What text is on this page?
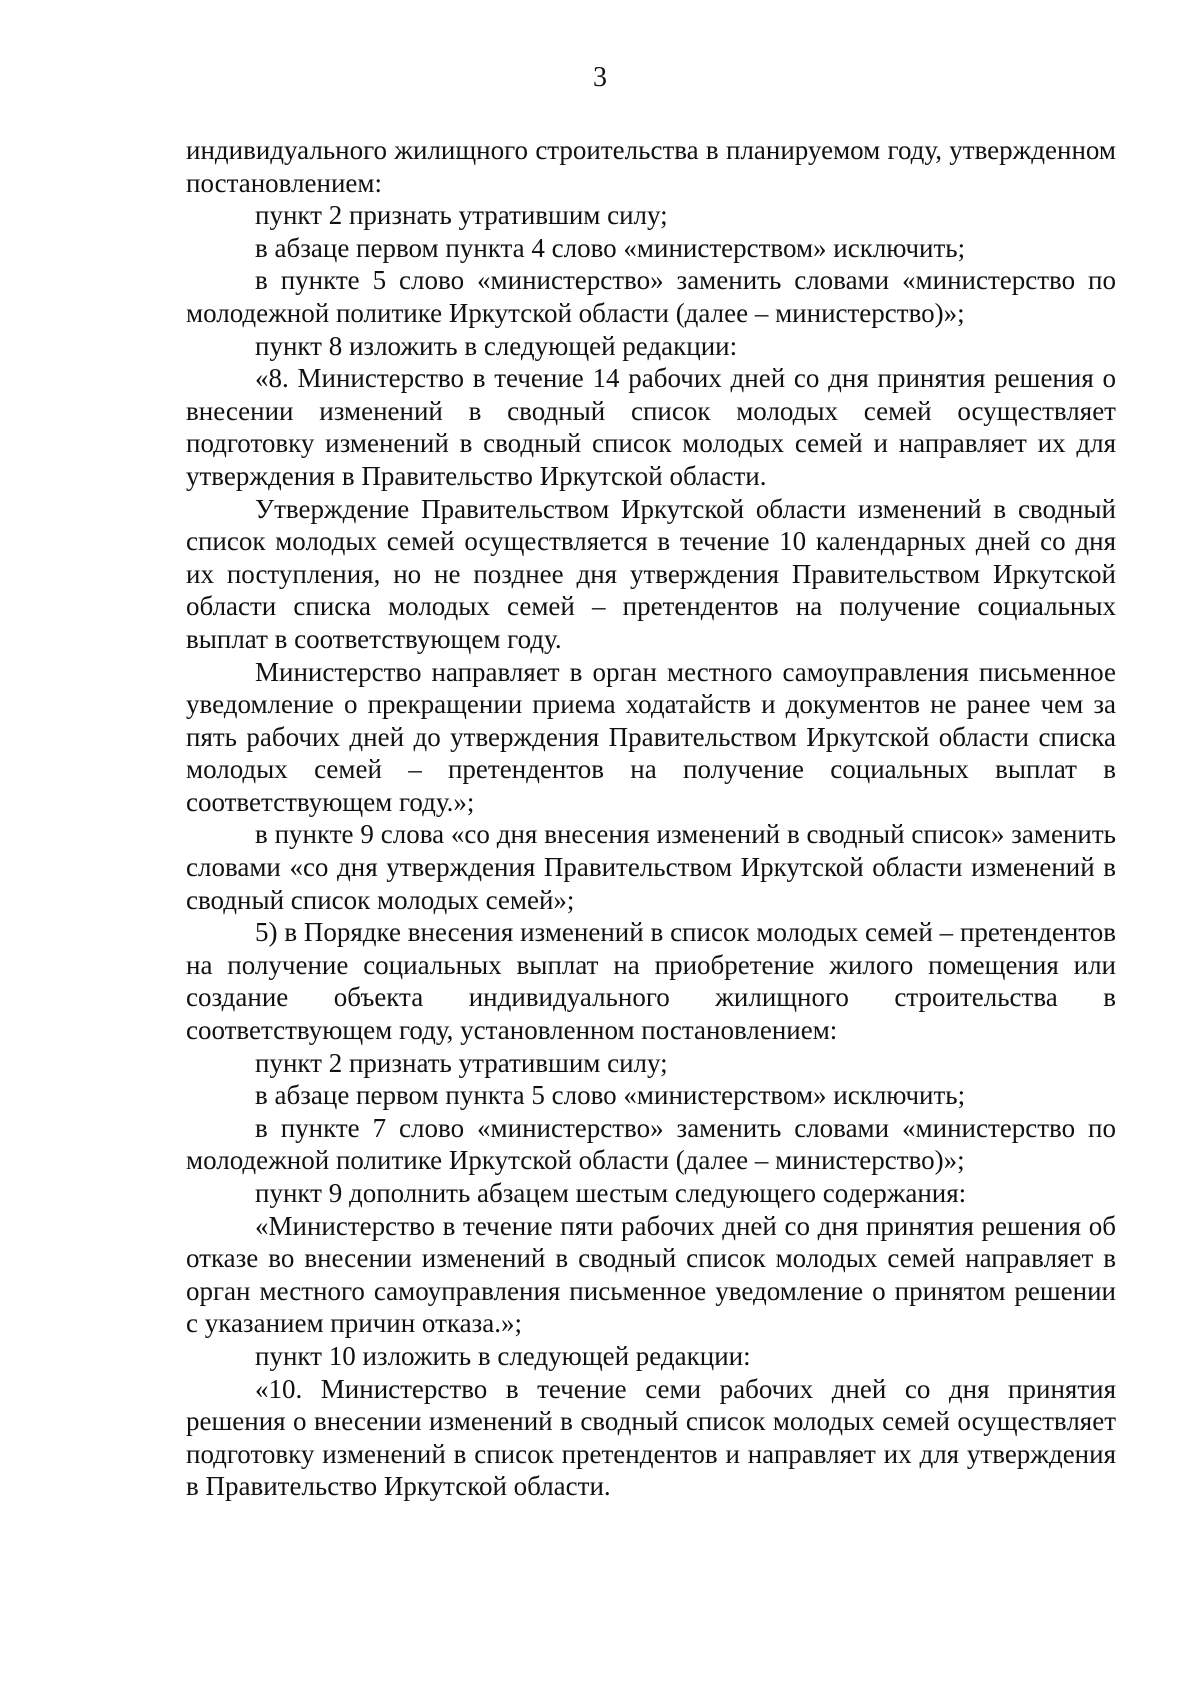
3

индивидуального жилищного строительства в планируемом году, утвержденном постановлением:

пункт 2 признать утратившим силу;

в абзаце первом пункта 4 слово «министерством» исключить;

в пункте 5 слово «министерство» заменить словами «министерство по молодежной политике Иркутской области (далее – министерство)»;

пункт 8 изложить в следующей редакции:

«8. Министерство в течение 14 рабочих дней со дня принятия решения о внесении изменений в сводный список молодых семей осуществляет подготовку изменений в сводный список молодых семей и направляет их для утверждения в Правительство Иркутской области.

Утверждение Правительством Иркутской области изменений в сводный список молодых семей осуществляется в течение 10 календарных дней со дня их поступления, но не позднее дня утверждения Правительством Иркутской области списка молодых семей – претендентов на получение социальных выплат в соответствующем году.

Министерство направляет в орган местного самоуправления письменное уведомление о прекращении приема ходатайств и документов не ранее чем за пять рабочих дней до утверждения Правительством Иркутской области списка молодых семей – претендентов на получение социальных выплат в соответствующем году.»;

в пункте 9 слова «со дня внесения изменений в сводный список» заменить словами «со дня утверждения Правительством Иркутской области изменений в сводный список молодых семей»;

5) в Порядке внесения изменений в список молодых семей – претендентов на получение социальных выплат на приобретение жилого помещения или создание объекта индивидуального жилищного строительства в соответствующем году, установленном постановлением:

пункт 2 признать утратившим силу;

в абзаце первом пункта 5 слово «министерством» исключить;

в пункте 7 слово «министерство» заменить словами «министерство по молодежной политике Иркутской области (далее – министерство)»;

пункт 9 дополнить абзацем шестым следующего содержания:

«Министерство в течение пяти рабочих дней со дня принятия решения об отказе во внесении изменений в сводный список молодых семей направляет в орган местного самоуправления письменное уведомление о принятом решении с указанием причин отказа.»;

пункт 10 изложить в следующей редакции:

«10. Министерство в течение семи рабочих дней со дня принятия решения о внесении изменений в сводный список молодых семей осуществляет подготовку изменений в список претендентов и направляет их для утверждения в Правительство Иркутской области.
